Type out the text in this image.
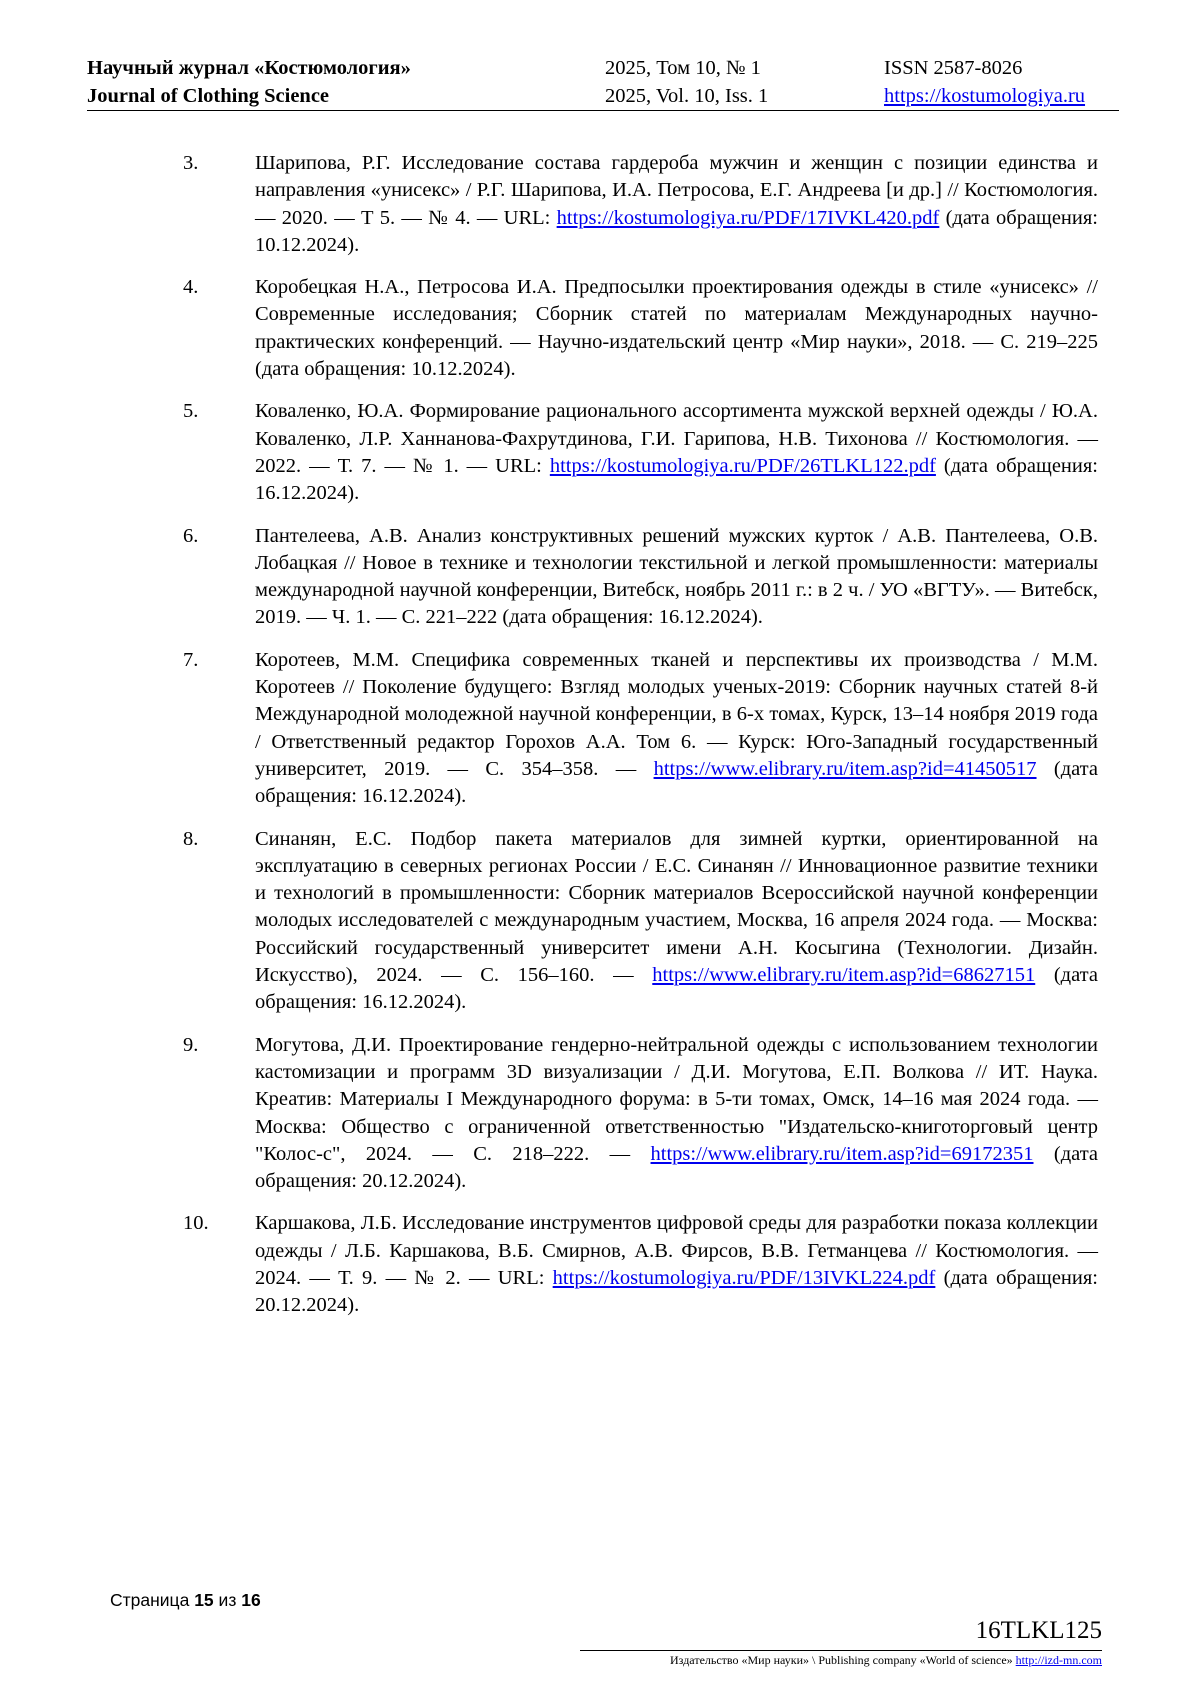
Научный журнал «Костюмология»
Journal of Clothing Science
2025, Том 10, № 1
2025, Vol. 10, Iss. 1
ISSN 2587-8026
https://kostumologiya.ru
3.	Шарипова, Р.Г. Исследование состава гардероба мужчин и женщин с позиции единства и направления «унисекс» / Р.Г. Шарипова, И.А. Петросова, Е.Г. Андреева [и др.] // Костюмология. — 2020. — Т 5. — № 4. — URL: https://kostumologiya.ru/PDF/17IVKL420.pdf (дата обращения: 10.12.2024).
4.	Коробецкая Н.А., Петросова И.А. Предпосылки проектирования одежды в стиле «унисекс» // Современные исследования; Сборник статей по материалам Международных научно-практических конференций. — Научно-издательский центр «Мир науки», 2018. — С. 219–225 (дата обращения: 10.12.2024).
5.	Коваленко, Ю.А. Формирование рационального ассортимента мужской верхней одежды / Ю.А. Коваленко, Л.Р. Ханнанова-Фахрутдинова, Г.И. Гарипова, Н.В. Тихонова // Костюмология. — 2022. — Т. 7. — № 1. — URL: https://kostumologiya.ru/PDF/26TLKL122.pdf (дата обращения: 16.12.2024).
6.	Пантелеева, А.В. Анализ конструктивных решений мужских курток / А.В. Пантелеева, О.В. Лобацкая // Новое в технике и технологии текстильной и легкой промышленности: материалы международной научной конференции, Витебск, ноябрь 2011 г.: в 2 ч. / УО «ВГТУ». — Витебск, 2019. — Ч. 1. — С. 221–222 (дата обращения: 16.12.2024).
7.	Коротеев, М.М. Специфика современных тканей и перспективы их производства / М.М. Коротеев // Поколение будущего: Взгляд молодых ученых-2019: Сборник научных статей 8-й Международной молодежной научной конференции, в 6-х томах, Курск, 13–14 ноября 2019 года / Ответственный редактор Горохов А.А. Том 6. — Курск: Юго-Западный государственный университет, 2019. — С. 354–358. — https://www.elibrary.ru/item.asp?id=41450517 (дата обращения: 16.12.2024).
8.	Синанян, Е.С. Подбор пакета материалов для зимней куртки, ориентированной на эксплуатацию в северных регионах России / Е.С. Синанян // Инновационное развитие техники и технологий в промышленности: Сборник материалов Всероссийской научной конференции молодых исследователей с международным участием, Москва, 16 апреля 2024 года. — Москва: Российский государственный университет имени А.Н. Косыгина (Технологии. Дизайн. Искусство), 2024. — С. 156–160. — https://www.elibrary.ru/item.asp?id=68627151 (дата обращения: 16.12.2024).
9.	Могутова, Д.И. Проектирование гендерно-нейтральной одежды с использованием технологии кастомизации и программ 3D визуализации / Д.И. Могутова, Е.П. Волкова // ИТ. Наука. Креатив: Материалы I Международного форума: в 5-ти томах, Омск, 14–16 мая 2024 года. — Москва: Общество с ограниченной ответственностью "Издательско-книготорговый центр "Колос-с", 2024. — С. 218–222. — https://www.elibrary.ru/item.asp?id=69172351 (дата обращения: 20.12.2024).
10.	Каршакова, Л.Б. Исследование инструментов цифровой среды для разработки показа коллекции одежды / Л.Б. Каршакова, В.Б. Смирнов, А.В. Фирсов, В.В. Гетманцева // Костюмология. — 2024. — Т. 9. — № 2. — URL: https://kostumologiya.ru/PDF/13IVKL224.pdf (дата обращения: 20.12.2024).
Страница 15 из 16
16TLKL125
Издательство «Мир науки» \ Publishing company «World of science» http://izd-mn.com
